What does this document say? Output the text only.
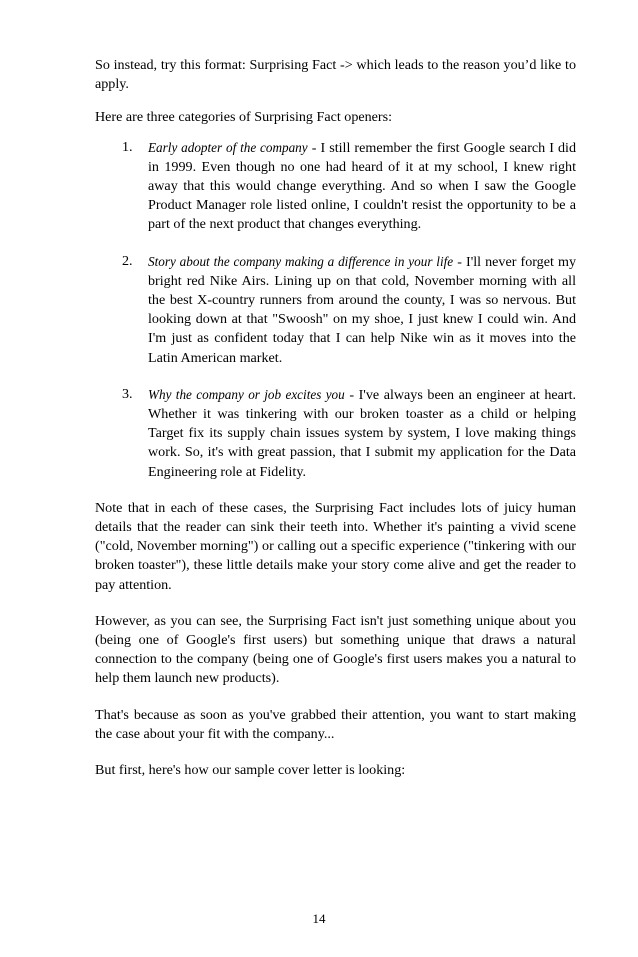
So instead, try this format: Surprising Fact -> which leads to the reason you’d like to apply.

Here are three categories of Surprising Fact openers:

1. Early adopter of the company - I still remember the first Google search I did in 1999. Even though no one had heard of it at my school, I knew right away that this would change everything. And so when I saw the Google Product Manager role listed online, I couldn't resist the opportunity to be a part of the next product that changes everything.
2. Story about the company making a difference in your life - I'll never forget my bright red Nike Airs. Lining up on that cold, November morning with all the best X-country runners from around the county, I was so nervous. But looking down at that "Swoosh" on my shoe, I just knew I could win. And I'm just as confident today that I can help Nike win as it moves into the Latin American market.
3. Why the company or job excites you - I've always been an engineer at heart. Whether it was tinkering with our broken toaster as a child or helping Target fix its supply chain issues system by system, I love making things work. So, it's with great passion, that I submit my application for the Data Engineering role at Fidelity.

Note that in each of these cases, the Surprising Fact includes lots of juicy human details that the reader can sink their teeth into. Whether it's painting a vivid scene ("cold, November morning") or calling out a specific experience ("tinkering with our broken toaster"), these little details make your story come alive and get the reader to pay attention.

However, as you can see, the Surprising Fact isn't just something unique about you (being one of Google's first users) but something unique that draws a natural connection to the company (being one of Google's first users makes you a natural to help them launch new products).

That's because as soon as you've grabbed their attention, you want to start making the case about your fit with the company...

But first, here's how our sample cover letter is looking:

14
